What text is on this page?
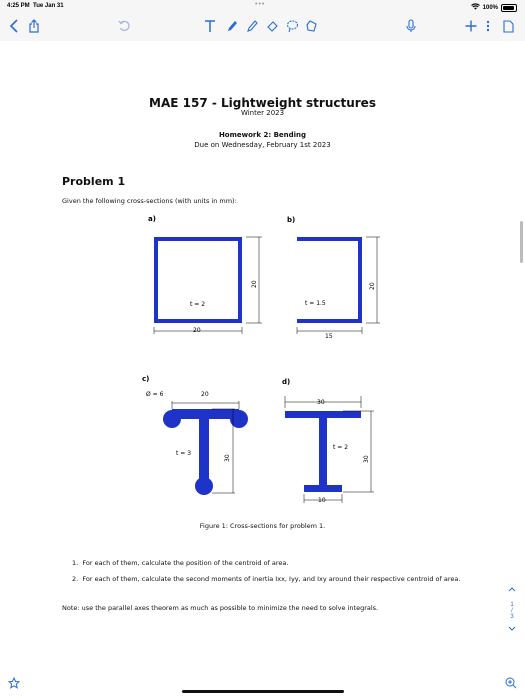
4:25 PM Tue Jan 31	•••	100%
MAE 157 - Lightweight structures
Winter 2023
Homework 2: Bending
Due on Wednesday, February 1st 2023
Problem 1
Given the following cross-sections (with units in mm):
a)
t = 2
20
20
b)
t = 1.5
15
20
c)
Ø = 6	20
t = 3
30
d)
30
t = 2
30
10
Figure 1: Cross-sections for problem 1.
1. For each of them, calculate the position of the centroid of area.
2. For each of them, calculate the second moments of inertia Ixx, Iyy, and Ixy around their respective centroid of area.
Note: use the parallel axes theorem as much as possible to minimize the need to solve integrals.	1
/
3
